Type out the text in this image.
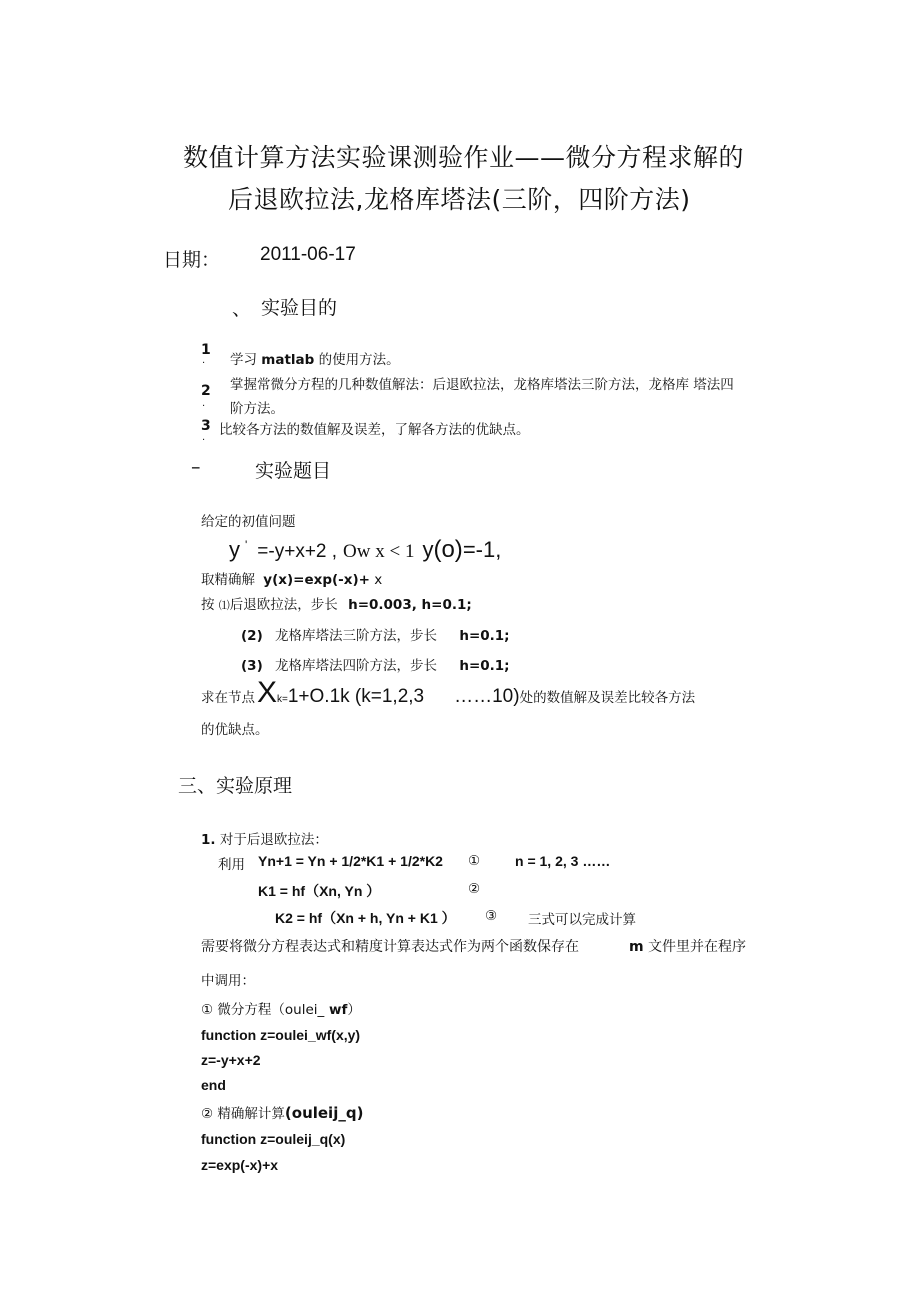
数值计算方法实验课测验作业——微分方程求解的
后退欧拉法,龙格库塔法(三阶，四阶方法)
日期： 2011-06-17
、 实验目的
1
· 学习 matlab 的使用方法。
2
.
掌握常微分方程的几种数值解法：后退欧拉法，龙格库塔法三阶方法，龙格库 塔法四
阶方法。
3
. 比较各方法的数值解及误差，了解各方法的优缺点。
–	实验题目
给定的初值问题
y ' =-y+x+2 , Ow x < 1 y(o)=-1,
取精确解 y(x)=exp(-x)+ x
按 ⑴后退欧拉法，步长 h=0.003, h=0.1;
(2) 龙格库塔法三阶方法，步长 h=0.1;
(3) 龙格库塔法四阶方法，步长 h=0.1;
求在节点Xk=1+O.1k (k=1,2,3 ……10)处的数值解及误差比较各方法
的优缺点。
三、实验原理
1. 对于后退欧拉法：
利用 Yn+1 = Yn + 1/2*K1 + 1/2*K2 ① n = 1, 2, 3 ……
K1 = hf（Xn, Yn ）	②
K2 = hf（Xn + h, Yn + K1 ） ③ 三式可以完成计算
需要将微分方程表达式和精度计算表达式作为两个函数保存在	m 文件里并在程序
中调用：
① 微分方程（oulei_ wf）
function z=oulei_wf(x,y)
z=-y+x+2
end
② 精确解计算(ouleij_q)
function z=ouleij_q(x)
z=exp(-x)+x
